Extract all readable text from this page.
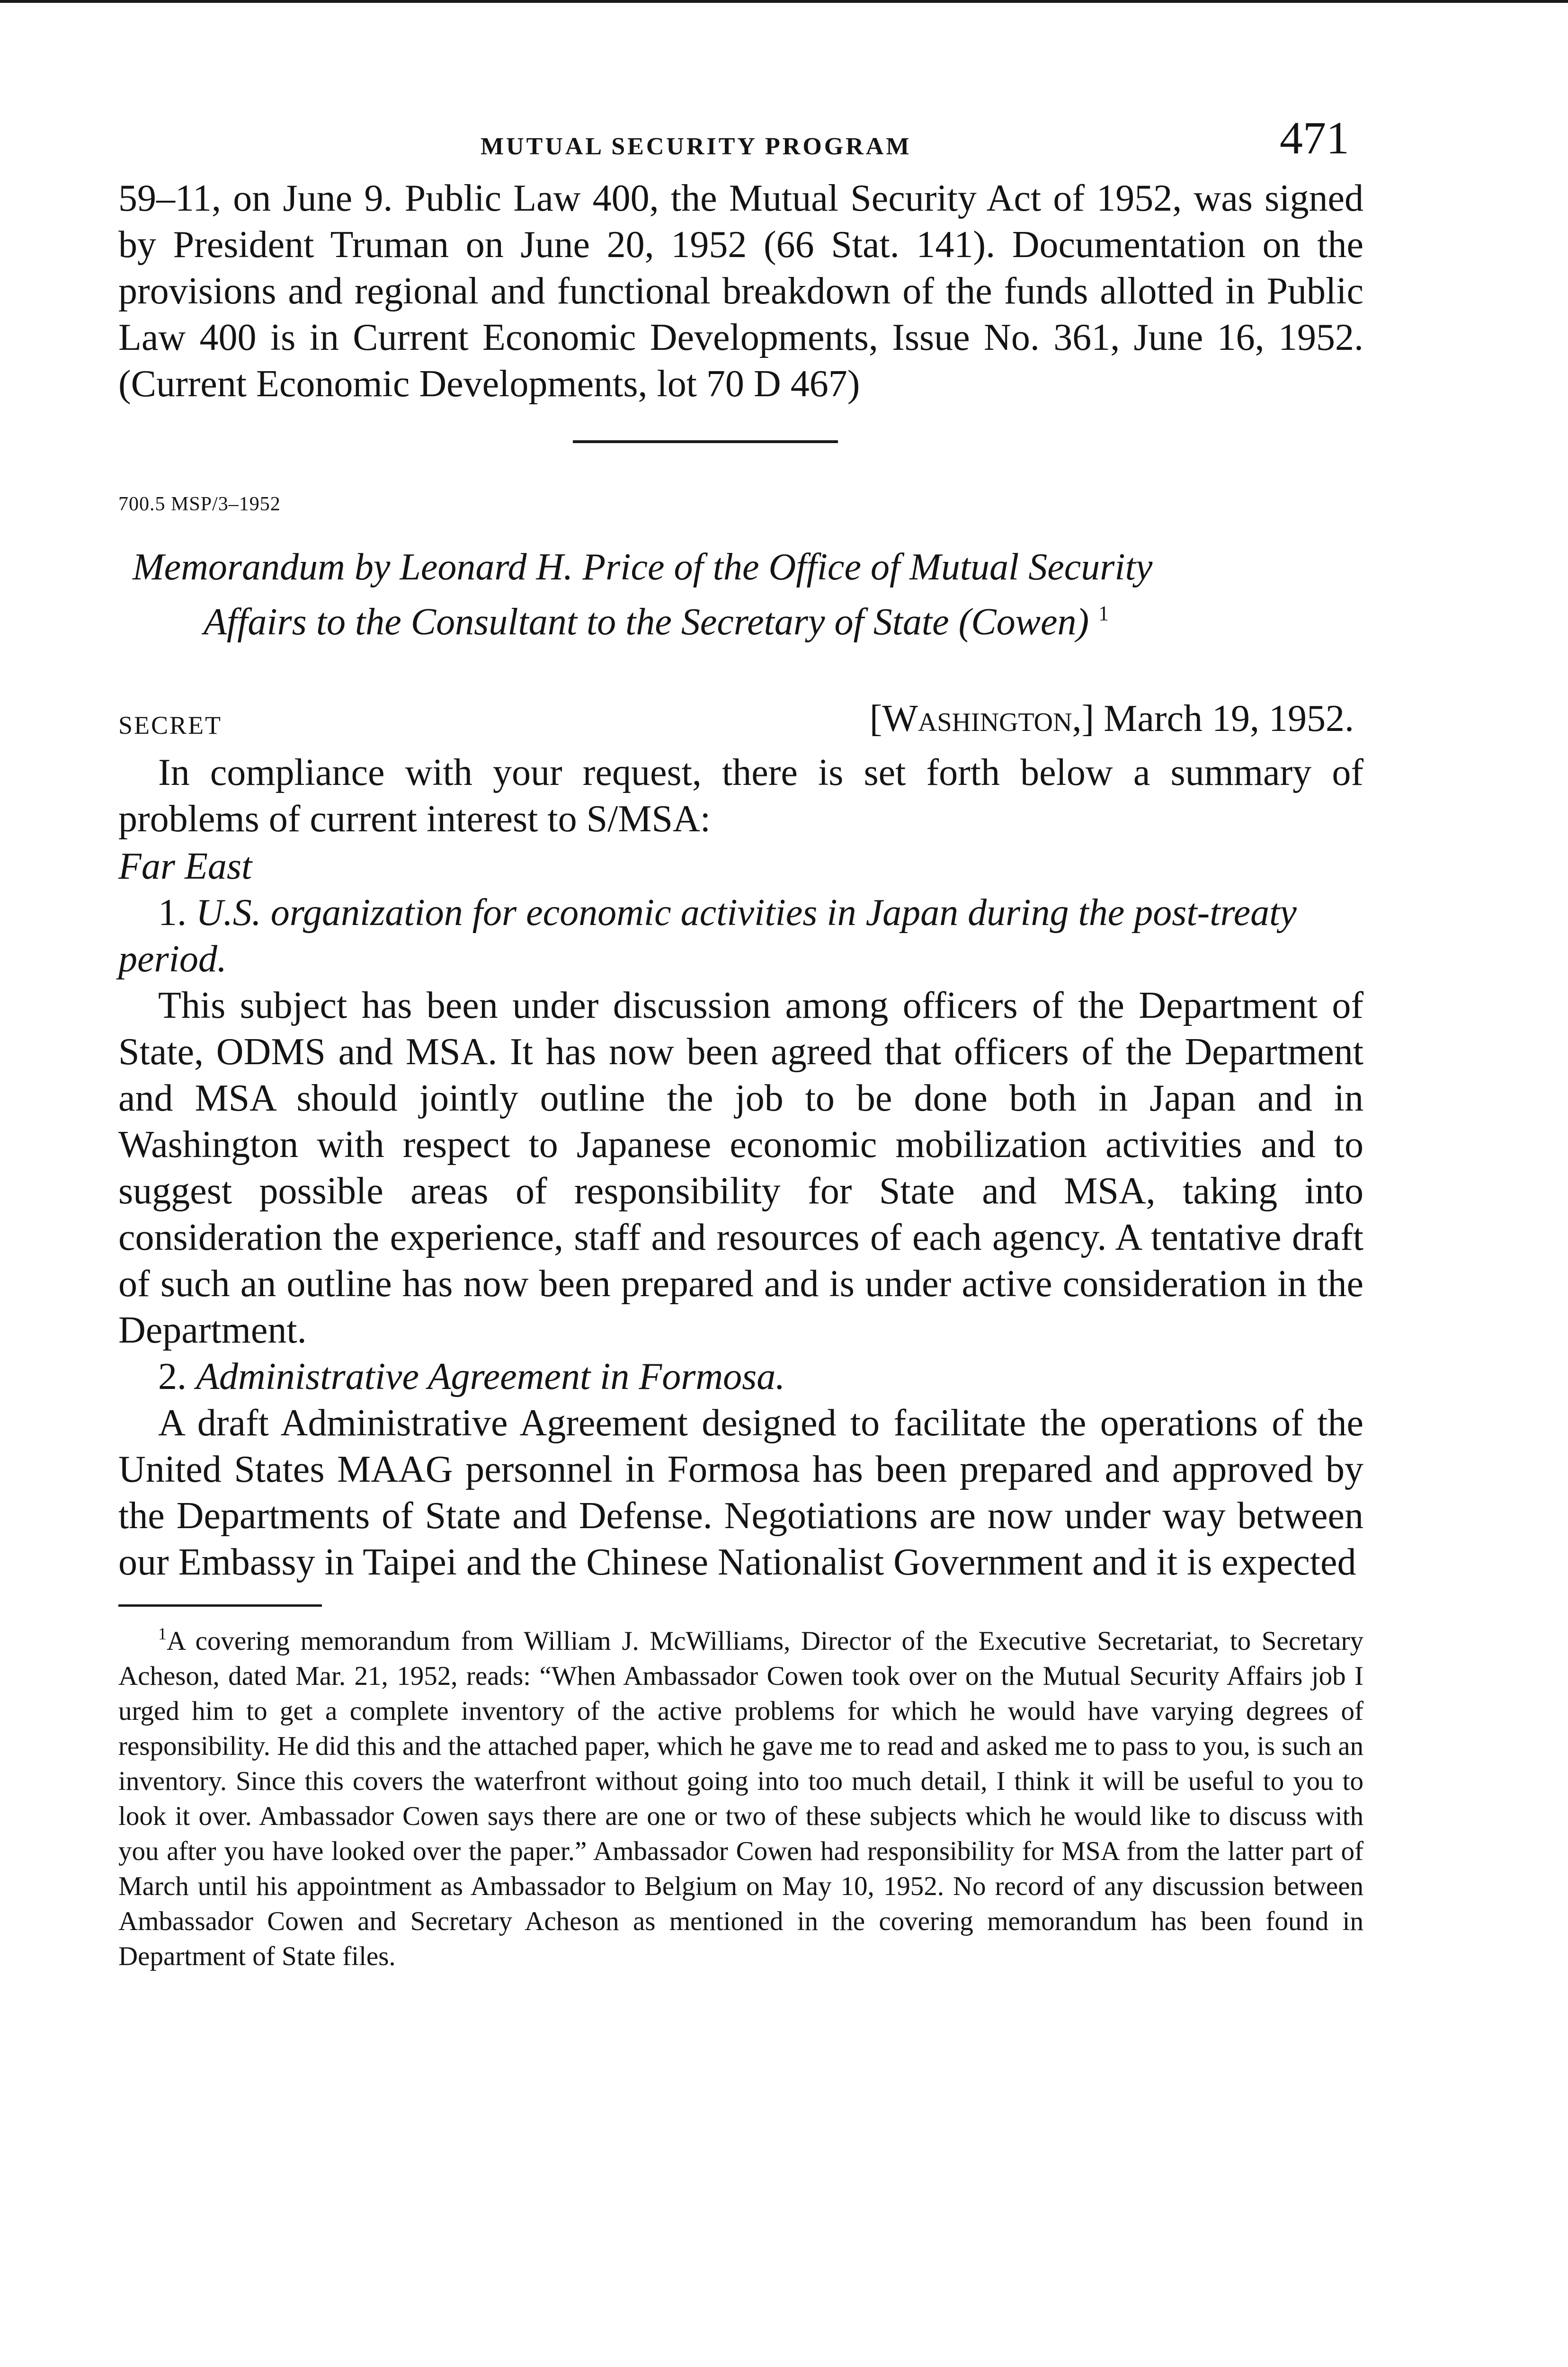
MUTUAL SECURITY PROGRAM	471

59–11, on June 9. Public Law 400, the Mutual Security Act of 1952, was signed by President Truman on June 20, 1952 (66 Stat. 141). Documentation on the provisions and regional and functional breakdown of the funds allotted in Public Law 400 is in Current Economic Developments, Issue No. 361, June 16, 1952. (Current Economic Developments, lot 70 D 467)

700.5 MSP/3–1952
Memorandum by Leonard H. Price of the Office of Mutual Security
Affairs to the Consultant to the Secretary of State (Cowen) $^1$
SECRET	[Washington,] March 19, 1952.

In compliance with your request, there is set forth below a summary of problems of current interest to S/MSA:

Far East

1. U.S. organization for economic activities in Japan during the post-treaty period.

This subject has been under discussion among officers of the Department of State, ODMS and MSA. It has now been agreed that officers of the Department and MSA should jointly outline the job to be done both in Japan and in Washington with respect to Japanese economic mobilization activities and to suggest possible areas of responsibility for State and MSA, taking into consideration the experience, staff and resources of each agency. A tentative draft of such an outline has now been prepared and is under active consideration in the Department.

2. Administrative Agreement in Formosa.

A draft Administrative Agreement designed to facilitate the operations of the United States MAAG personnel in Formosa has been prepared and approved by the Departments of State and Defense. Negotiations are now under way between our Embassy in Taipei and the Chinese Nationalist Government and it is expected

$^1$A covering memorandum from William J. McWilliams, Director of the Executive Secretariat, to Secretary Acheson, dated Mar. 21, 1952, reads: “When Ambassador Cowen took over on the Mutual Security Affairs job I urged him to get a complete inventory of the active problems for which he would have varying degrees of responsibility. He did this and the attached paper, which he gave me to read and asked me to pass to you, is such an inventory. Since this covers the waterfront without going into too much detail, I think it will be useful to you to look it over. Ambassador Cowen says there are one or two of these subjects which he would like to discuss with you after you have looked over the paper.” Ambassador Cowen had responsibility for MSA from the latter part of March until his appointment as Ambassador to Belgium on May 10, 1952. No record of any discussion between Ambassador Cowen and Secretary Acheson as mentioned in the covering memorandum has been found in Department of State files.
